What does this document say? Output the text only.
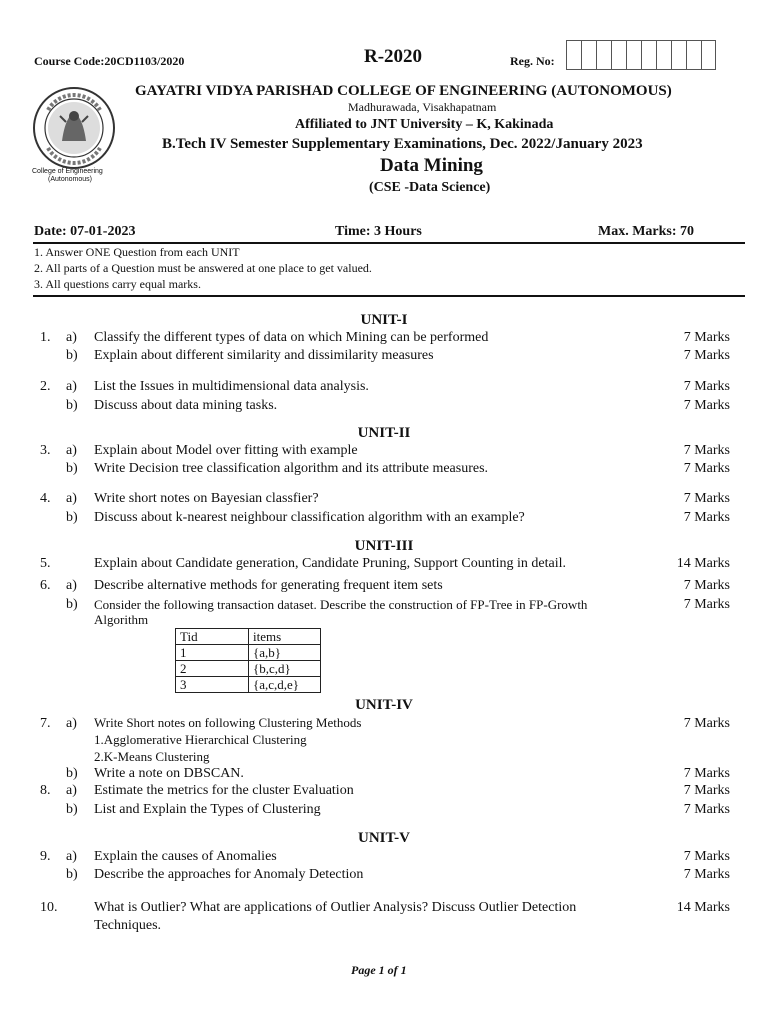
Course Code:20CD1103/2020	R-2020	Reg. No:
College of Engineering
(Autonomous)
GAYATRI VIDYA PARISHAD COLLEGE OF ENGINEERING (AUTONOMOUS)
Madhurawada, Visakhapatnam
Affiliated to JNT University – K, Kakinada
B.Tech IV Semester Supplementary Examinations, Dec. 2022/January 2023
Data Mining
(CSE -Data Science)
Date: 07-01-2023	Time: 3 Hours	Max. Marks: 70
1. Answer ONE Question from each UNIT
2. All parts of a Question must be answered at one place to get valued.
3. All questions carry equal marks.
UNIT-I
1. a) Classify the different types of data on which Mining can be performed	7 Marks
b) Explain about different similarity and dissimilarity measures	7 Marks
2. a) List the Issues in multidimensional data analysis.	7 Marks
b) Discuss about data mining tasks.	7 Marks
UNIT-II
3. a) Explain about Model over fitting with example	7 Marks
b) Write Decision tree classification algorithm and its attribute measures.	7 Marks
4. a) Write short notes on Bayesian classfier?	7 Marks
b) Discuss about k-nearest neighbour classification algorithm with an example?	7 Marks
UNIT-III
5.	Explain about Candidate generation, Candidate Pruning, Support Counting in detail.	14 Marks
6. a) Describe alternative methods for generating frequent item sets	7 Marks
b) Consider the following transaction dataset. Describe the construction of FP-Tree in FP-Growth
Algorithm
7 Marks
Tid	items
1	{a,b}
2	{b,c,d}
3	{a,c,d,e}
UNIT-IV
7. a) Write Short notes on following Clustering Methods
1.Agglomerative Hierarchical Clustering
2.K-Means Clustering
7 Marks
b) Write a note on DBSCAN.	7 Marks
8. a) Estimate the metrics for the cluster Evaluation	7 Marks
b) List and Explain the Types of Clustering	7 Marks
UNIT-V
9. a) Explain the causes of Anomalies	7 Marks
b) Describe the approaches for Anomaly Detection	7 Marks
10.	What is Outlier? What are applications of Outlier Analysis? Discuss Outlier Detection
Techniques.
14 Marks
Page 1 of 1
